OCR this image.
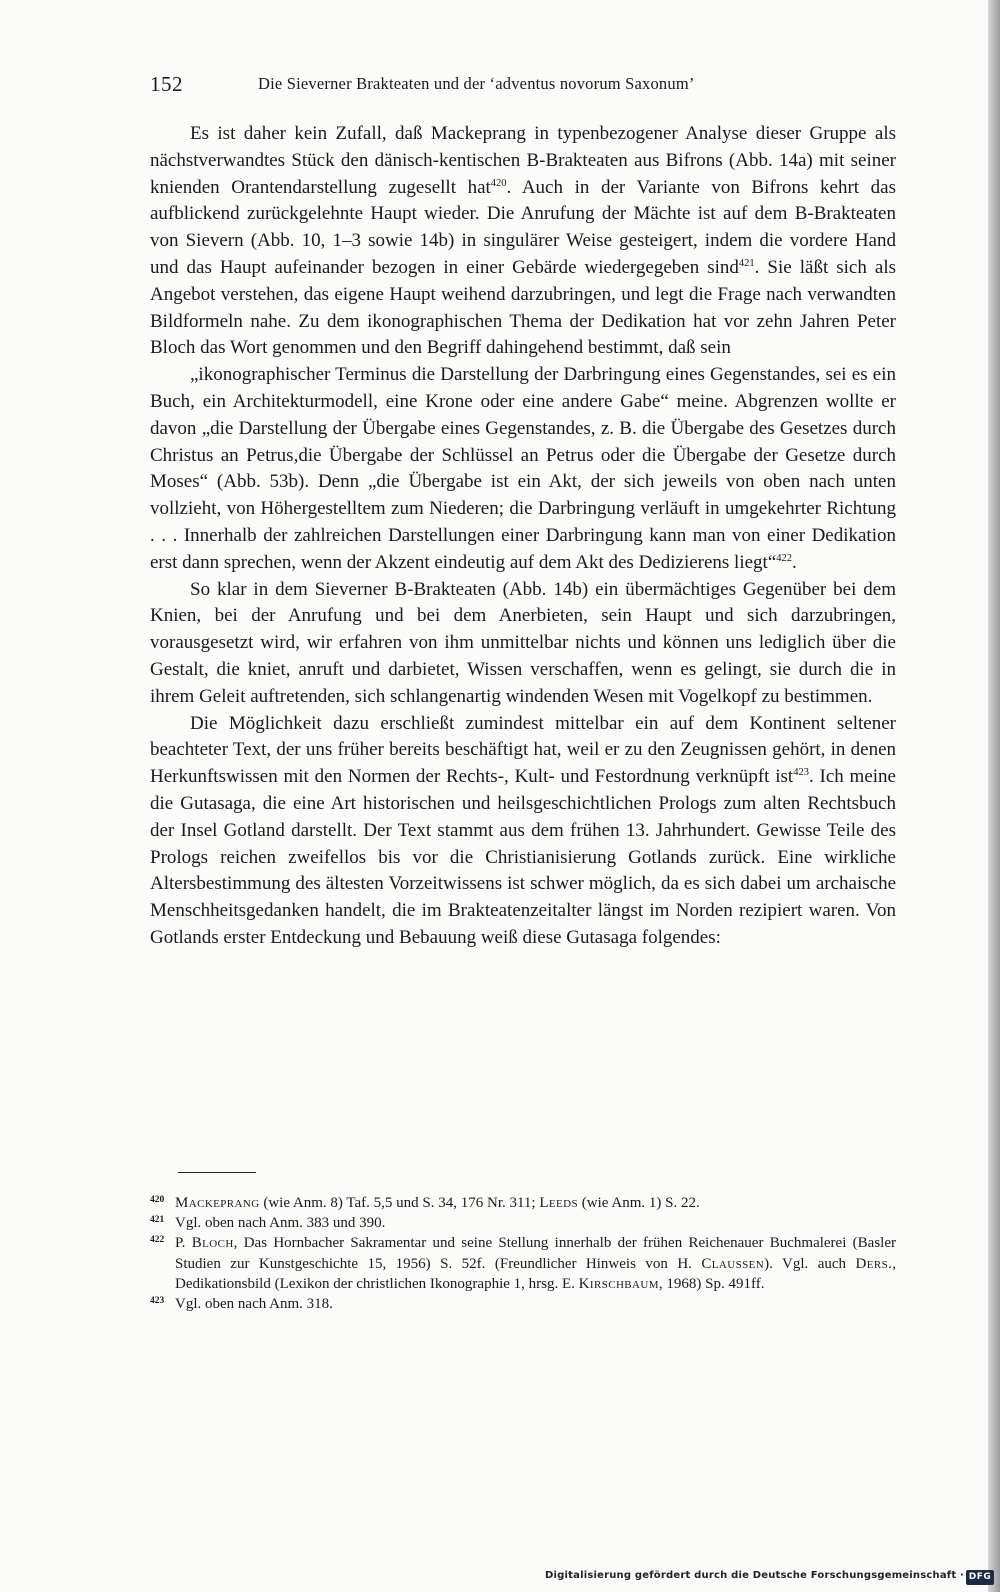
152	Die Sieverner Brakteaten und der ‘adventus novorum Saxonum’

Es ist daher kein Zufall, daß Mackeprang in typenbezogener Analyse dieser Gruppe als nächstverwandtes Stück den dänisch-kentischen B-Brakteaten aus Bifrons (Abb. 14a) mit seiner knienden Orantendarstellung zugesellt hat$^{420}$. Auch in der Variante von Bifrons kehrt das aufblickend zurückgelehnte Haupt wieder. Die Anrufung der Mächte ist auf dem B-Brakteaten von Sievern (Abb. 10, 1–3 sowie 14b) in singulärer Weise gesteigert, indem die vordere Hand und das Haupt aufeinander bezogen in einer Gebärde wiedergegeben sind$^{421}$. Sie läßt sich als Angebot verstehen, das eigene Haupt weihend darzubringen, und legt die Frage nach verwandten Bildformeln nahe. Zu dem ikonographischen Thema der Dedikation hat vor zehn Jahren Peter Bloch das Wort genommen und den Begriff dahingehend bestimmt, daß sein

„ikonographischer Terminus die Darstellung der Darbringung eines Gegenstandes, sei es ein Buch, ein Architekturmodell, eine Krone oder eine andere Gabe“ meine. Abgrenzen wollte er davon „die Darstellung der Übergabe eines Gegenstandes, z. B. die Übergabe des Gesetzes durch Christus an Petrus,die Übergabe der Schlüssel an Petrus oder die Übergabe der Gesetze durch Moses“ (Abb. 53b). Denn „die Übergabe ist ein Akt, der sich jeweils von oben nach unten vollzieht, von Höhergestelltem zum Niederen; die Darbringung verläuft in umgekehrter Richtung . . . Innerhalb der zahlreichen Darstellungen einer Darbringung kann man von einer Dedikation erst dann sprechen, wenn der Akzent eindeutig auf dem Akt des Dedizierens liegt“$^{422}$.

So klar in dem Sieverner B-Brakteaten (Abb. 14b) ein übermächtiges Gegenüber bei dem Knien, bei der Anrufung und bei dem Anerbieten, sein Haupt und sich darzubringen, vorausgesetzt wird, wir erfahren von ihm unmittelbar nichts und können uns lediglich über die Gestalt, die kniet, anruft und darbietet, Wissen verschaffen, wenn es gelingt, sie durch die in ihrem Geleit auftretenden, sich schlangenartig windenden Wesen mit Vogelkopf zu bestimmen.

Die Möglichkeit dazu erschließt zumindest mittelbar ein auf dem Kontinent seltener beachteter Text, der uns früher bereits beschäftigt hat, weil er zu den Zeugnissen gehört, in denen Herkunftswissen mit den Normen der Rechts-, Kult- und Festordnung verknüpft ist$^{423}$. Ich meine die Gutasaga, die eine Art historischen und heilsgeschichtlichen Prologs zum alten Rechtsbuch der Insel Gotland darstellt. Der Text stammt aus dem frühen 13. Jahrhundert. Gewisse Teile des Prologs reichen zweifellos bis vor die Christianisierung Gotlands zurück. Eine wirkliche Altersbestimmung des ältesten Vorzeitwissens ist schwer möglich, da es sich dabei um archaische Menschheitsgedanken handelt, die im Brakteatenzeitalter längst im Norden rezipiert waren. Von Gotlands erster Entdeckung und Bebauung weiß diese Gutasaga folgendes:

420 Mackeprang (wie Anm. 8) Taf. 5,5 und S. 34, 176 Nr. 311; Leeds (wie Anm. 1) S. 22.

421 Vgl. oben nach Anm. 383 und 390.

422 P. Bloch, Das Hornbacher Sakramentar und seine Stellung innerhalb der frühen Reichenauer Buchmalerei (Basler Studien zur Kunstgeschichte 15, 1956) S. 52f. (Freundlicher Hinweis von H. Claussen). Vgl. auch Ders., Dedikationsbild (Lexikon der christlichen Ikonographie 1, hrsg. E. Kirschbaum, 1968) Sp. 491ff.

423 Vgl. oben nach Anm. 318.

Digitalisierung gefördert durch die Deutsche Forschungsgemeinschaft · DFG
